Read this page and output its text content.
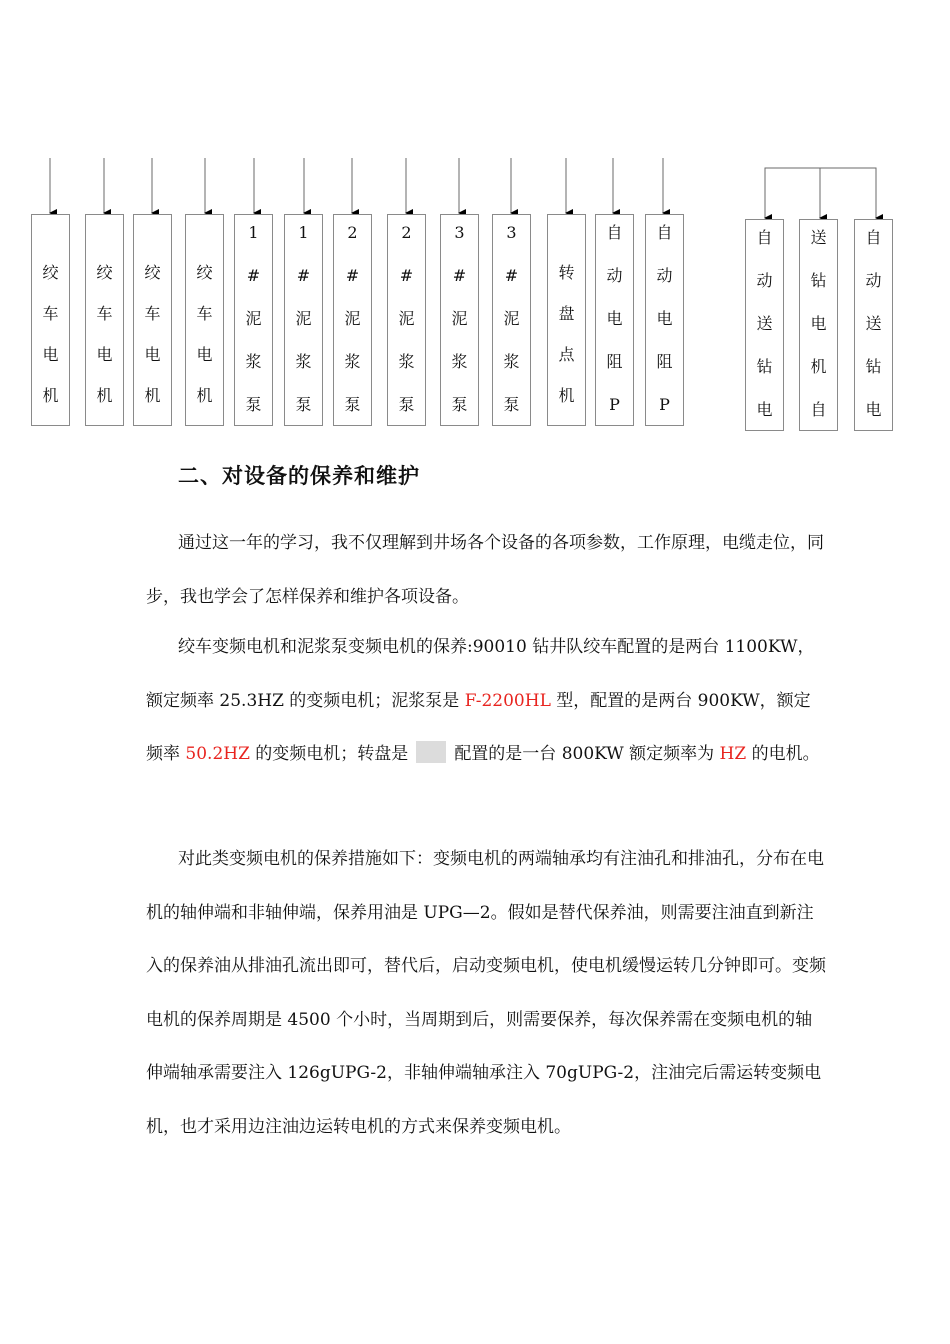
绞
车
电
机
绞
车
电
机
绞
车
电
机
绞
车
电
机
1
#
泥
浆
泵
1
#
泥
浆
泵
2
#
泥
浆
泵
2
#
泥
浆
泵
3
#
泥
浆
泵
3
#
泥
浆
泵
转
盘
点
机
自
动
电
阻
P
自
动
电
阻
P
自
动
送
钻
电
送
钻
电
机
自
自
动
送
钻
电
二、对设备的保养和维护

通过这一年的学习，我不仅理解到井场各个设备的各项参数，工作原理，电缆走位，同步，我也学会了怎样保养和维护各项设备。

绞车变频电机和泥浆泵变频电机的保养:90010 钻井队绞车配置的是两台 1100KW，额定频率 25.3HZ 的变频电机；泥浆泵是 F-2200HL 型，配置的是两台 900KW，额定频率 50.2HZ 的变频电机；转盘是	配置的是一台 800KW 额定频率为 HZ 的电机。

对此类变频电机的保养措施如下：变频电机的两端轴承均有注油孔和排油孔，分布在电机的轴伸端和非轴伸端，保养用油是 UPG—2。假如是替代保养油，则需要注油直到新注入的保养油从排油孔流出即可，替代后，启动变频电机，使电机缓慢运转几分钟即可。变频电机的保养周期是 4500 个小时，当周期到后，则需要保养，每次保养需在变频电机的轴伸端轴承需要注入 126gUPG-2，非轴伸端轴承注入 70gUPG-2，注油完后需运转变频电机，也才采用边注油边运转电机的方式来保养变频电机。
